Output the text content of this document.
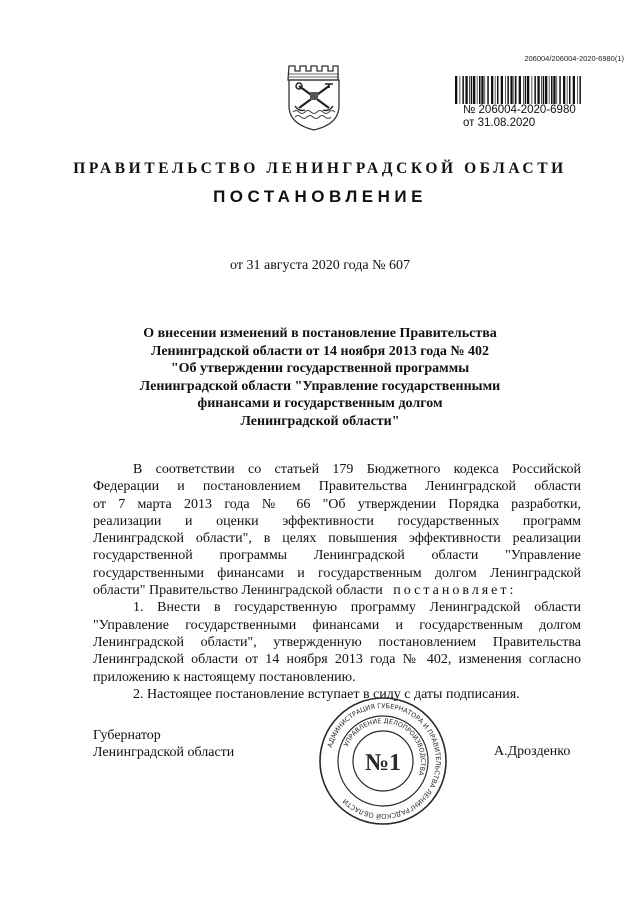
206004/206004-2020-6980(1)
№ 206004-2020-6980
от 31.08.2020
ПРАВИТЕЛЬСТВО ЛЕНИНГРАДСКОЙ ОБЛАСТИ
ПОСТАНОВЛЕНИЕ
от 31 августа 2020 года № 607
О внесении изменений в постановление Правительства
Ленинградской области от 14 ноября 2013 года № 402
"Об утверждении государственной программы
Ленинградской области "Управление государственными
финансами и государственным долгом
Ленинградской области"
В соответствии со статьей 179 Бюджетного кодекса Российской
Федерации и постановлением Правительства Ленинградской области
от 7 марта 2013 года № 66 "Об утверждении Порядка разработки,
реализации и оценки эффективности государственных программ
Ленинградской области", в целях повышения эффективности реализации
государственной программы Ленинградской области "Управление
государственными финансами и государственным долгом Ленинградской
области" Правительство Ленинградской области постановляет:
1. Внести в государственную программу Ленинградской области
"Управление государственными финансами и государственным долгом
Ленинградской области", утвержденную постановлением Правительства
Ленинградской области от 14 ноября 2013 года № 402, изменения согласно
приложению к настоящему постановлению.
2. Настоящее постановление вступает в силу с даты подписания.
Губернатор
Ленинградской области	АДМИНИСТРАЦИЯ ГУБЕРНАТОРА И ПРАВИТЕЛЬСТВА ЛЕНИНГРАДСКОЙ ОБЛАСТИ
УПРАВЛЕНИЕ ДЕЛОПРОИЗВОДСТВА
№1	А.Дрозденко
